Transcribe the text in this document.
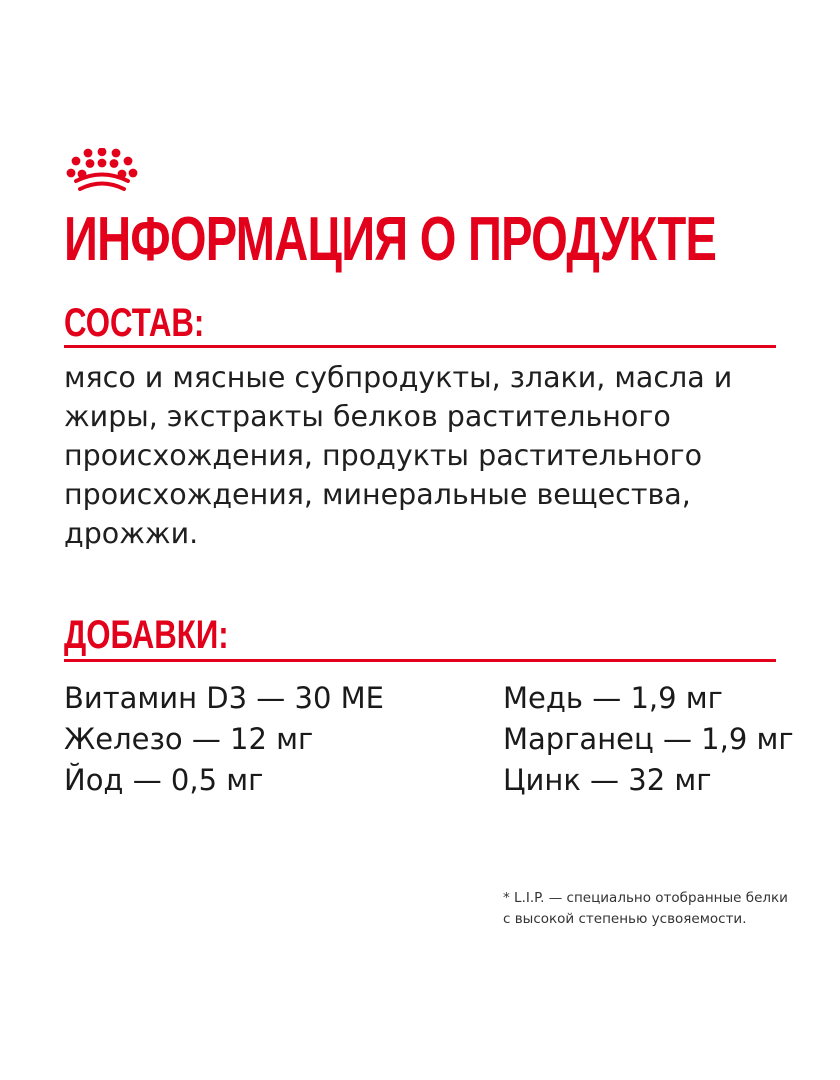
ИНФОРМАЦИЯ О ПРОДУКТЕ
СОСТАВ:

мясо и мясные субпродукты, злаки, масла и жиры, экстракты белков растительного происхождения, продукты растительного происхождения, минеральные вещества, дрожжи.

ДОБАВКИ:
Витамин D3 — 30 МЕ
Железо — 12 мг
Йод — 0,5 мг
Медь — 1,9 мг
Марганец — 1,9 мг
Цинк — 32 мг

* L.I.P. — специально отобранные белки
с высокой степенью усвояемости.
